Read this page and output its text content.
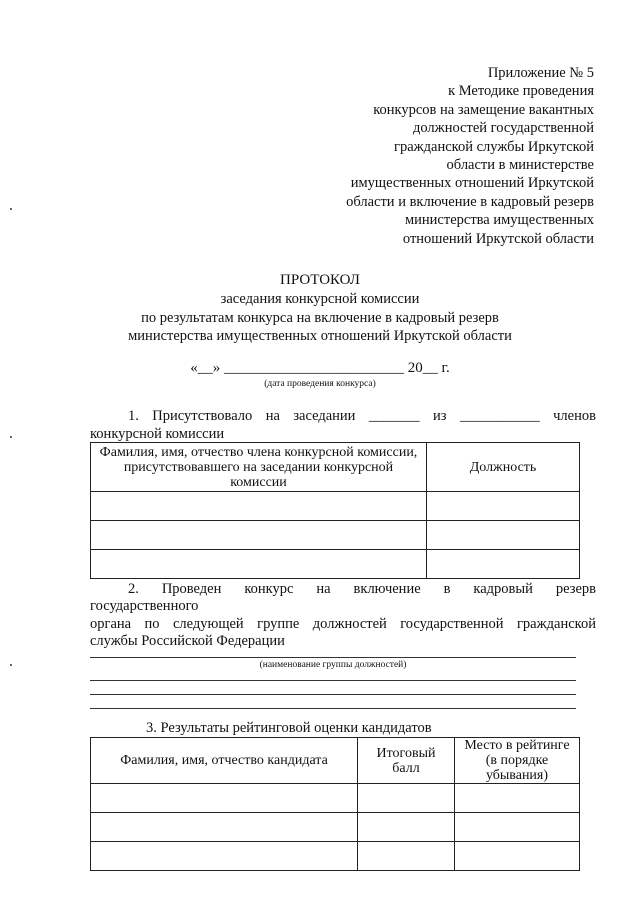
Приложение № 5
к Методике проведения
конкурсов на замещение вакантных
должностей государственной
гражданской службы Иркутской
области в министерстве
имущественных отношений Иркутской
области и включение в кадровый резерв
министерства имущественных
отношений Иркутской области
ПРОТОКОЛ
заседания конкурсной комиссии
по результатам конкурса на включение в кадровый резерв
министерства имущественных отношений Иркутской области
«__» ________________________ 20__ г.
(дата проведения конкурса)
1. Присутствовало на заседании _______ из ___________ членов
конкурсной комиссии
Фамилия, имя, отчество члена конкурсной комиссии, присутствовавшего на заседании конкурсной комиссии	Должность

2. Проведен конкурс на включение в кадровый резерв
государственного
органа по следующей группе должностей государственной гражданской
службы Российской Федерации
(наименование группы должностей)
3. Результаты рейтинговой оценки кандидатов
Фамилия, имя, отчество кандидата	Итоговый балл	Место в рейтинге (в порядке убывания)
